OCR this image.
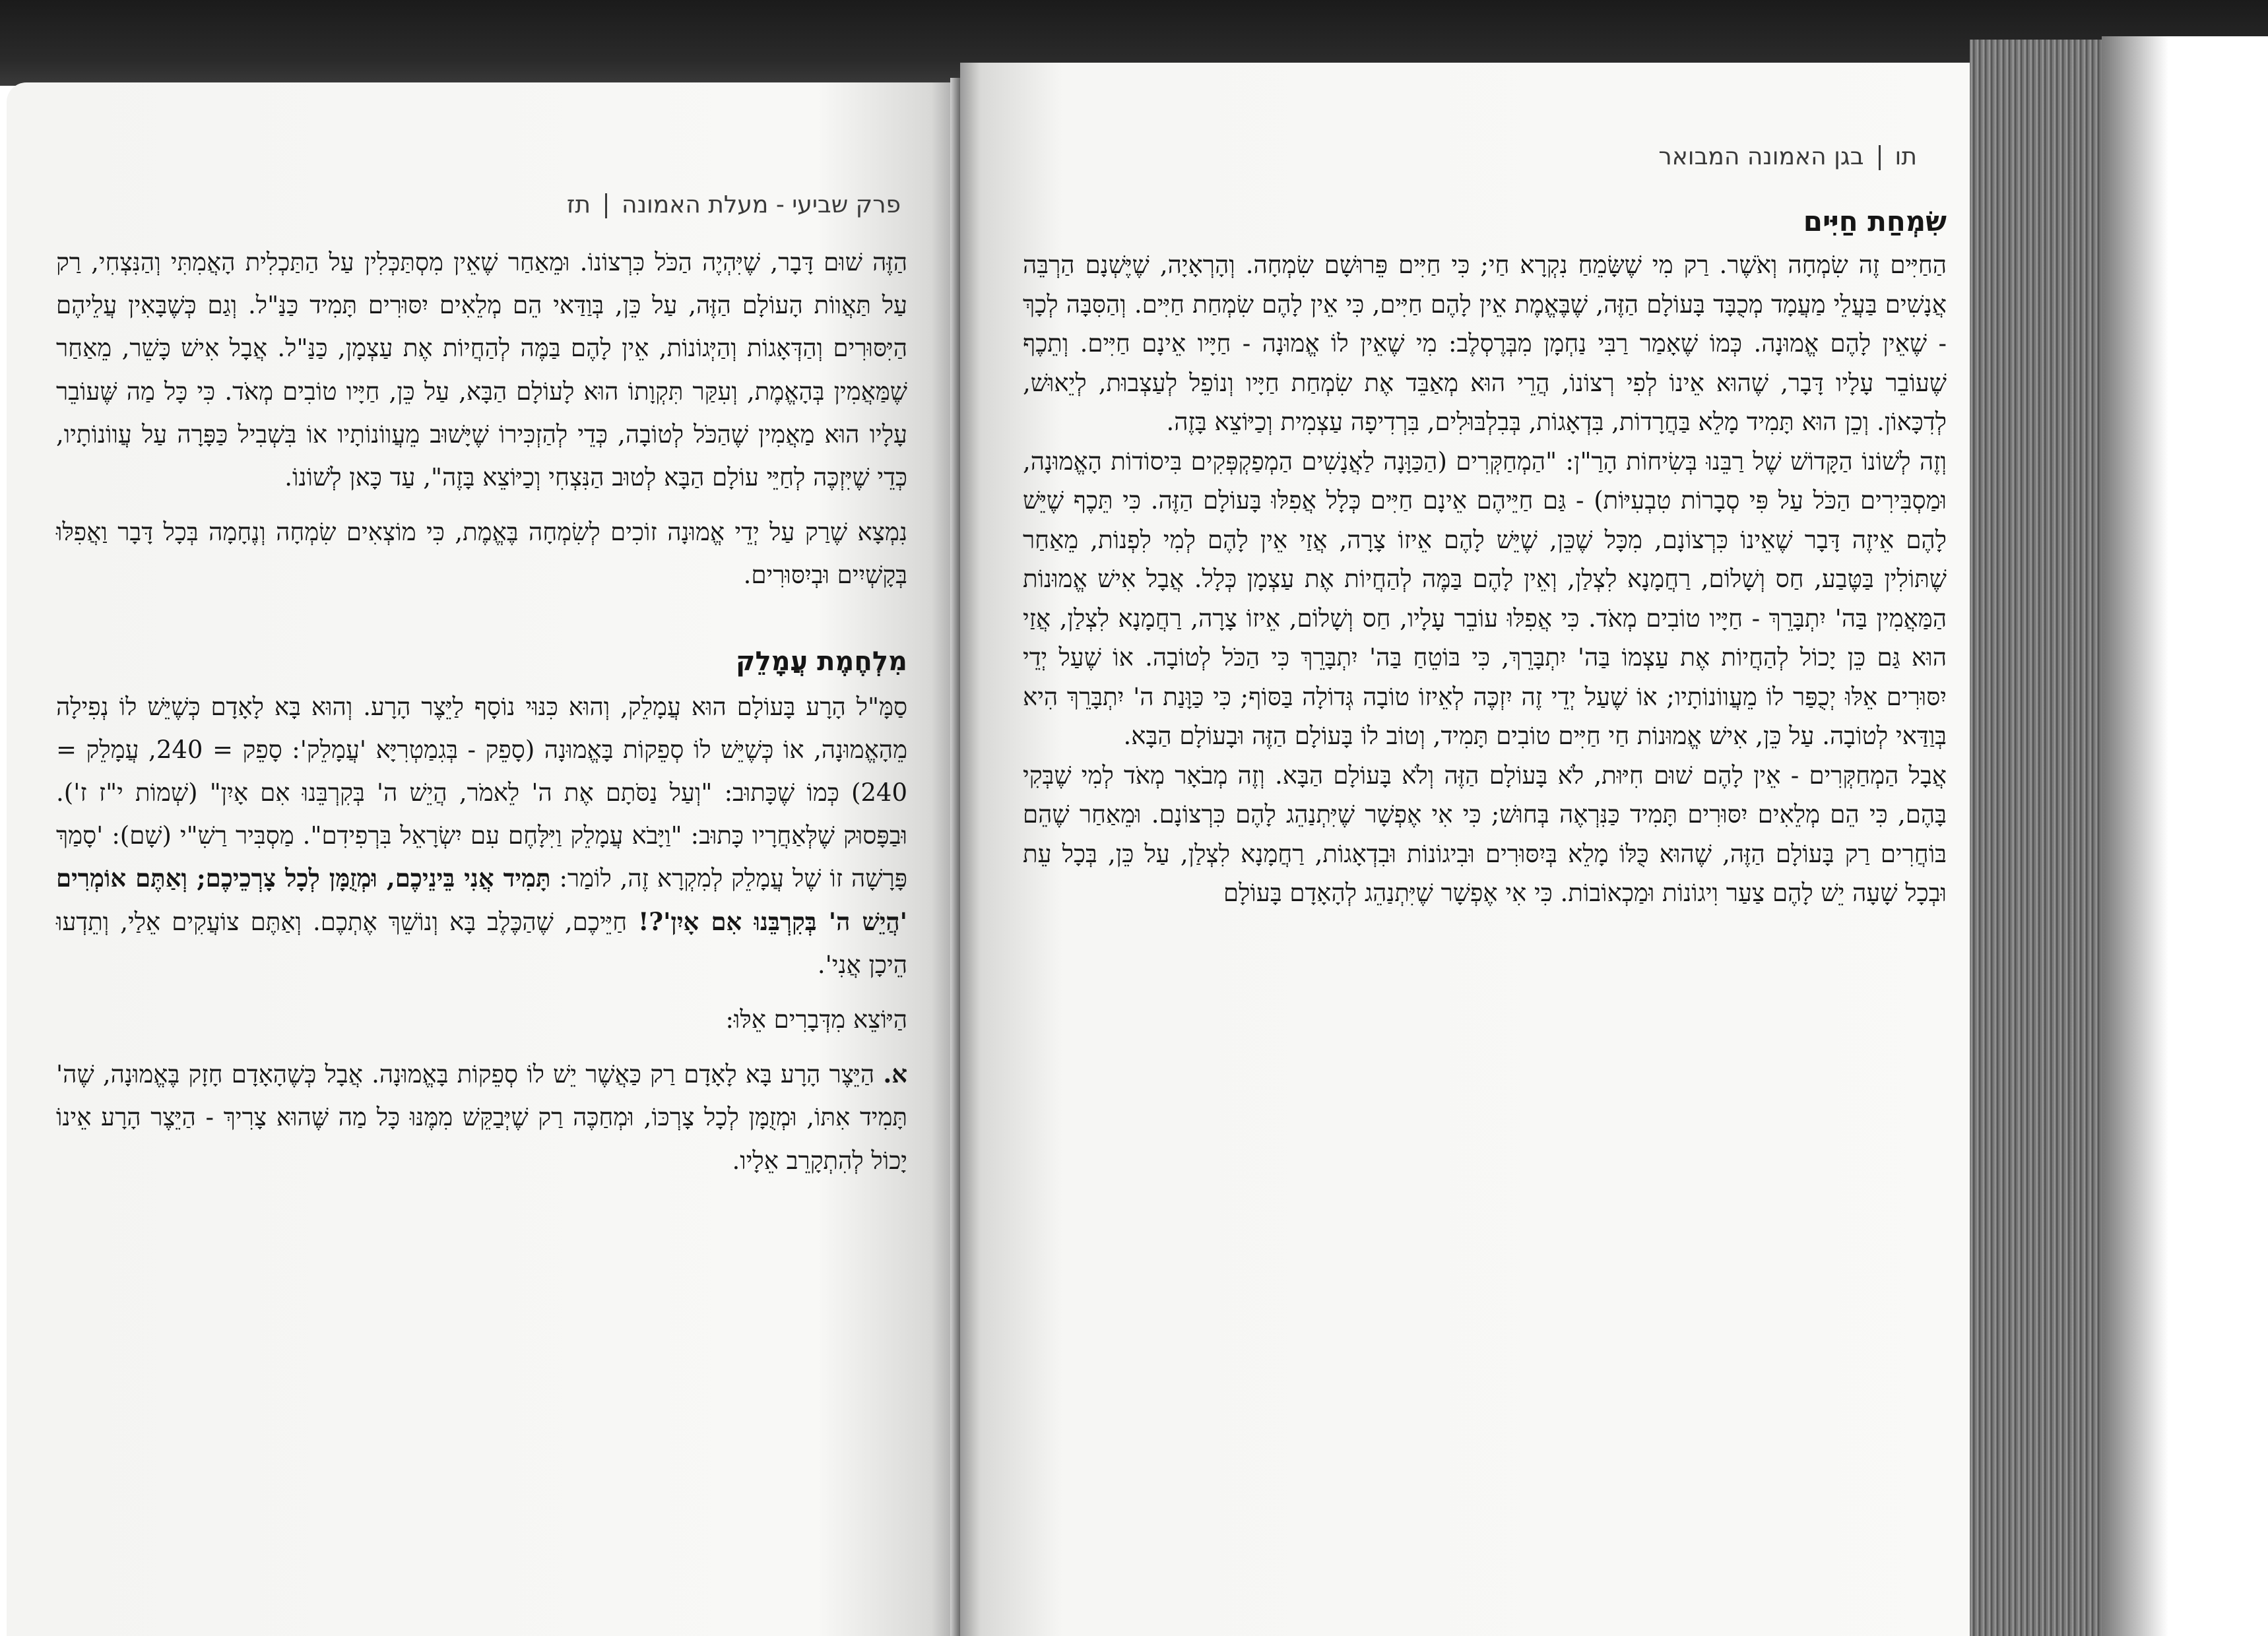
פרק שביעי - מעלת האמונהתז

הַזֶּה שׁוּם דָּבָר, שֶׁיִּהְיֶה הַכֹּל כִּרְצוֹנוֹ. וּמֵאַחַר שֶׁאֵין מִסְתַּכְּלִין עַל הַתַּכְלִית הָאֲמִתִּי וְהַנִּצְחִי, רַק עַל תַּאֲווֹת הָעוֹלָם הַזֶּה, עַל כֵּן, בְּוַדַּאי הֵם מְלֵאִים יִסּוּרִים תָּמִיד כַּנַּ"ל. וְגַם כְּשֶׁבָּאִין עֲלֵיהֶם הַיִּסּוּרִים וְהַדְּאָגוֹת וְהַיְּגוֹנוֹת, אֵין לָהֶם בַּמֶּה לְהַחֲיוֹת אֶת עַצְמָן, כַּנַּ"ל. אֲבָל אִישׁ כָּשֵׁר, מֵאַחַר שֶׁמַּאֲמִין בְּהָאֱמֶת, וְעִקַּר תִּקְוָתוֹ הוּא לָעוֹלָם הַבָּא, עַל כֵּן, חַיָּיו טוֹבִים מְאֹד. כִּי כָּל מַה שֶּׁעוֹבֵר עָלָיו הוּא מַאֲמִין שֶׁהַכֹּל לְטוֹבָה, כְּדֵי לְהַזְכִּירוֹ שֶׁיָּשׁוּב מֵעֲווֹנוֹתָיו אוֹ בִּשְׁבִיל כַּפָּרָה עַל עֲווֹנוֹתָיו, כְּדֵי שֶׁיִּזְכֶּה לְחַיֵּי עוֹלָם הַבָּא לְטוּב הַנִּצְחִי וְכַיּוֹצֵא בָּזֶה", עַד כָּאן לְשׁוֹנוֹ.

נִמְצָא שֶׁרַק עַל יְדֵי אֱמוּנָה זוֹכִים לְשִׂמְחָה בֶּאֱמֶת, כִּי מוֹצְאִים שִׂמְחָה וְנֶחָמָה בְּכָל דָּבָר וַאֲפִלּוּ בְּקָשְׁיִים וּבְיִסּוּרִים.

מִלְחֶמֶת עֲמָלֵק

סַמָּ"ל הָרָע בָּעוֹלָם הוּא עֲמָלֵק, וְהוּא כִּנּוּי נוֹסָף לַיֵּצֶר הָרָע. וְהוּא בָּא לָאָדָם כְּשֶׁיֵּשׁ לוֹ נְפִילָה מֵהָאֱמוּנָה, אוֹ כְּשֶׁיֵּשׁ לוֹ סְפֵקוֹת בָּאֱמוּנָה (סָפֵק - בְּגִמַטְרִיָּא 'עֲמָלֵק': סָפֵק = 240, עֲמָלֵק = 240) כְּמוֹ שֶׁכָּתוּב: "וְעַל נַסֹּתָם אֶת ה' לֵאמֹר, הֲיֵשׁ ה' בְּקִרְבֵּנוּ אִם אָיִן" (שְׁמוֹת י"ז ז'). וּבַפָּסוּק שֶׁלְּאַחֲרָיו כָּתוּב: "וַיָּבֹא עֲמָלֵק וַיִּלָּחֶם עִם יִשְׂרָאֵל בִּרְפִידִם". מַסְבִּיר רַשִׁ"י (שָׁם): 'סָמַךְ פָּרָשָׁה זוֹ שֶׁל עֲמָלֵק לְמִקְרָא זֶה, לוֹמַר: תָּמִיד אֲנִי בֵּינֵיכֶם, וּמְזֻמָּן לְכָל צָרְכֵיכֶם; וְאַתֶּם אוֹמְרִים 'הֲיֵשׁ ה' בְּקִרְבֵּנוּ אִם אָיִן'?! חַיֵּיכֶם, שֶׁהַכֶּלֶב בָּא וְנוֹשֵׁךְ אֶתְכֶם. וְאַתֶּם צוֹעֲקִים אֵלַי, וְתֵדְעוּ הֵיכָן אֲנִי'.

הַיּוֹצֵא מִדְּבָרִים אֵלּוּ:

א. הַיֵּצֶר הָרָע בָּא לָאָדָם רַק כַּאֲשֶׁר יֵשׁ לוֹ סְפֵקוֹת בָּאֱמוּנָה. אֲבָל כְּשֶׁהָאָדָם חָזָק בֶּאֱמוּנָה, שֶׁה' תָּמִיד אִתּוֹ, וּמְזֻמָּן לְכָל צָרְכּוֹ, וּמְחַכֶּה רַק שֶׁיְּבַקֵּשׁ מִמֶּנּוּ כָּל מַה שֶּׁהוּא צָרִיךְ - הַיֵּצֶר הָרָע אֵינוֹ יָכוֹל לְהִתְקָרֵב אֵלָיו.

תובגן האמונה המבואר

שִׂמְחַת חַיִּים

הַחַיִּים זֶה שִׂמְחָה וְאֹשֶׁר. רַק מִי שֶׁשָּׂמֵחַ נִקְרָא חַי; כִּי חַיִּים פֵּרוּשָׁם שִׂמְחָה. וְהָרְאָיָה, שֶׁיֶּשְׁנָם הַרְבֵּה אֲנָשִׁים בַּעֲלֵי מַעֲמָד מְכֻבָּד בָּעוֹלָם הַזֶּה, שֶׁבֶּאֱמֶת אֵין לָהֶם חַיִּים, כִּי אֵין לָהֶם שִׂמְחַת חַיִּים. וְהַסִּבָּה לְכָךְ - שֶׁאֵין לָהֶם אֱמוּנָה. כְּמוֹ שֶׁאָמַר רַבִּי נַחְמָן מִבְּרֶסְלֶב: מִי שֶׁאֵין לוֹ אֱמוּנָה - חַיָּיו אֵינָם חַיִּים. וְתֵכֶף שֶׁעוֹבֵר עָלָיו דָּבָר, שֶׁהוּא אֵינוֹ לְפִי רְצוֹנוֹ, הֲרֵי הוּא מְאַבֵּד אֶת שִׂמְחַת חַיָּיו וְנוֹפֵל לְעַצְבוּת, לְיֵאוּשׁ, לְדִכָּאוֹן. וְכֵן הוּא תָּמִיד מָלֵא בַּחֲרָדוֹת, בִּדְאָגוֹת, בְּבִלְבּוּלִים, בִּרְדִיפָה עַצְמִית וְכַיּוֹצֵא בָּזֶה.

וְזֶה לְשׁוֹנוֹ הַקָּדוֹשׁ שֶׁל רַבֵּנוּ בְּשִׂיחוֹת הָרַ"ן: "הַמְחַקְּרִים (הַכַּוָּנָה לַאֲנָשִׁים הַמְפַקְפְּקִים בִּיסוֹדוֹת הָאֱמוּנָה, וּמַסְבִּירִים הַכֹּל עַל פִּי סְבָרוֹת טִבְעִיּוֹת) - גַּם חַיֵּיהֶם אֵינָם חַיִּים כְּלָל אֲפִלּוּ בָּעוֹלָם הַזֶּה. כִּי תֵּכֶף שֶׁיֵּשׁ לָהֶם אֵיזֶה דָּבָר שֶׁאֵינוֹ כִּרְצוֹנָם, מִכָּל שֶׁכֵּן, שֶׁיֵּשׁ לָהֶם אֵיזוֹ צָרָה, אֲזַי אֵין לָהֶם לְמִי לִפְנוֹת, מֵאַחַר שֶׁתּוֹלִין בַּטֶּבַע, חַס וְשָׁלוֹם, רַחֲמָנָא לִצְלַן, וְאֵין לָהֶם בַּמֶּה לְהַחֲיוֹת אֶת עַצְמָן כְּלָל. אֲבָל אִישׁ אֱמוּנוֹת הַמַּאֲמִין בַּה' יִתְבָּרֵךְ - חַיָּיו טוֹבִים מְאֹד. כִּי אֲפִלּוּ עוֹבֵר עָלָיו, חַס וְשָׁלוֹם, אֵיזוֹ צָרָה, רַחֲמָנָא לִצְלַן, אֲזַי הוּא גַּם כֵּן יָכוֹל לְהַחֲיוֹת אֶת עַצְמוֹ בַּה' יִתְבָּרֵךְ, כִּי בּוֹטֵחַ בַּה' יִתְבָּרֵךְ כִּי הַכֹּל לְטוֹבָה. אוֹ שֶׁעַל יְדֵי יִסּוּרִים אֵלּוּ יְכֻפַּר לוֹ מֵעֲווֹנוֹתָיו; אוֹ שֶׁעַל יְדֵי זֶה יִזְכֶּה לְאֵיזוֹ טוֹבָה גְּדוֹלָה בַּסּוֹף; כִּי כַּוָּנַת ה' יִתְבָּרֵךְ הִיא בְּוַדַּאי לְטוֹבָה. עַל כֵּן, אִישׁ אֱמוּנוֹת חַי חַיִּים טוֹבִים תָּמִיד, וְטוֹב לוֹ בָּעוֹלָם הַזֶּה וּבָעוֹלָם הַבָּא.

אֲבָל הַמְחַקְּרִים - אֵין לָהֶם שׁוּם חִיּוּת, לֹא בָּעוֹלָם הַזֶּה וְלֹא בָּעוֹלָם הַבָּא. וְזֶה מְבֹאָר מְאֹד לְמִי שֶׁבְּקִי בָּהֶם, כִּי הֵם מְלֵאִים יִסּוּרִים תָּמִיד כַּנִּרְאֶה בְּחוּשׁ; כִּי אִי אֶפְשָׁר שֶׁיִּתְנַהֵג לָהֶם כִּרְצוֹנָם. וּמֵאַחַר שֶׁהֵם בּוֹחֲרִים רַק בָּעוֹלָם הַזֶּה, שֶׁהוּא כֻּלּוֹ מָלֵא בְּיִסּוּרִים וּבִיגוֹנוֹת וּבִדְאָגוֹת, רַחֲמָנָא לִצְלַן, עַל כֵּן, בְּכָל עֵת וּבְכָל שָׁעָה יֵשׁ לָהֶם צַעַר וִיגוֹנוֹת וּמַכְאוֹבוֹת. כִּי אִי אֶפְשָׁר שֶׁיִּתְנַהֵג לְהָאָדָם בָּעוֹלָם
